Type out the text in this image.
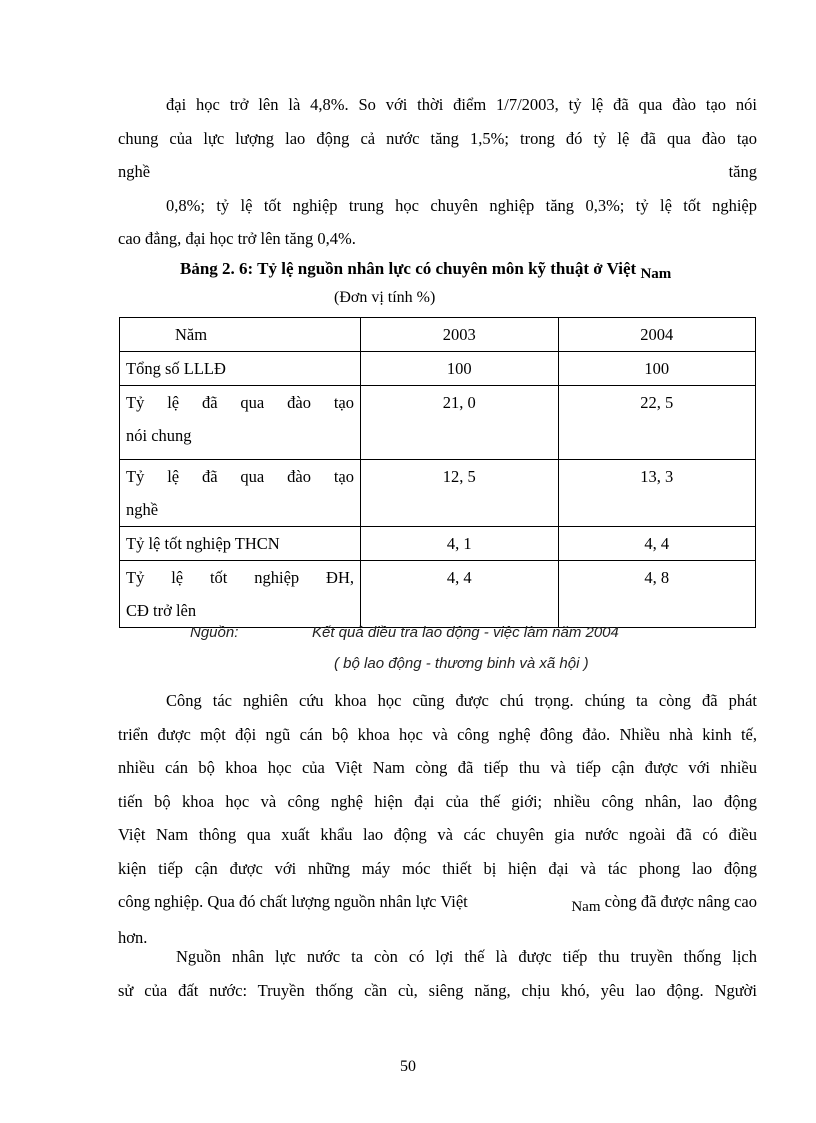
đại học trở lên là 4,8%. So với thời điểm 1/7/2003, tỷ lệ đã qua đào tạo nói
chung của lực lượng lao động cả nước tăng 1,5%; trong đó tỷ lệ đã qua đào tạo
nghề	tăng
0,8%; tỷ lệ tốt nghiệp trung học chuyên nghiệp tăng 0,3%; tỷ lệ tốt nghiệp
cao đẳng, đại học trở lên tăng 0,4%.
Bảng 2. 6: Tỷ lệ nguồn nhân lực có chuyên môn kỹ thuật ở Việt Nam
(Đơn vị tính %)
Năm	2003	2004
Tổng số LLLĐ	100	100

Tỷ lệ đã qua đào tạo
nói chung	21, 0	22, 5

Tỷ lệ đã qua đào tạo
nghề	12, 5	13, 3
Tỷ lệ tốt nghiệp THCN	4, 1	4, 4

Tỷ lệ tốt nghiệp ĐH,
CĐ trở lên	4, 4	4, 8
Nguồn:	Kết quả điều tra lao động - việc làm năm 2004
( bộ lao động - thương binh và xã hội )
Công tác nghiên cứu khoa học cũng được chú trọng. chúng ta còng đã phát
triển được một đội ngũ cán bộ khoa học và công nghệ đông đảo. Nhiều nhà kinh tế,
nhiều cán bộ khoa học của Việt Nam còng đã tiếp thu và tiếp cận được với nhiều
tiến bộ khoa học và công nghệ hiện đại của thế giới; nhiều công nhân, lao động
Việt Nam thông qua xuất khẩu lao động và các chuyên gia nước ngoài đã có điều
kiện tiếp cận được với những máy móc thiết bị hiện đại và tác phong lao động
công nghiệp. Qua đó chất lượng nguồn nhân lực Việt	Nam còng đã được nâng cao
hơn.
Nguồn nhân lực nước ta còn có lợi thế là được tiếp thu truyền thống lịch
sử của đất nước: Truyền thống cần cù, siêng năng, chịu khó, yêu lao động. Người
50
